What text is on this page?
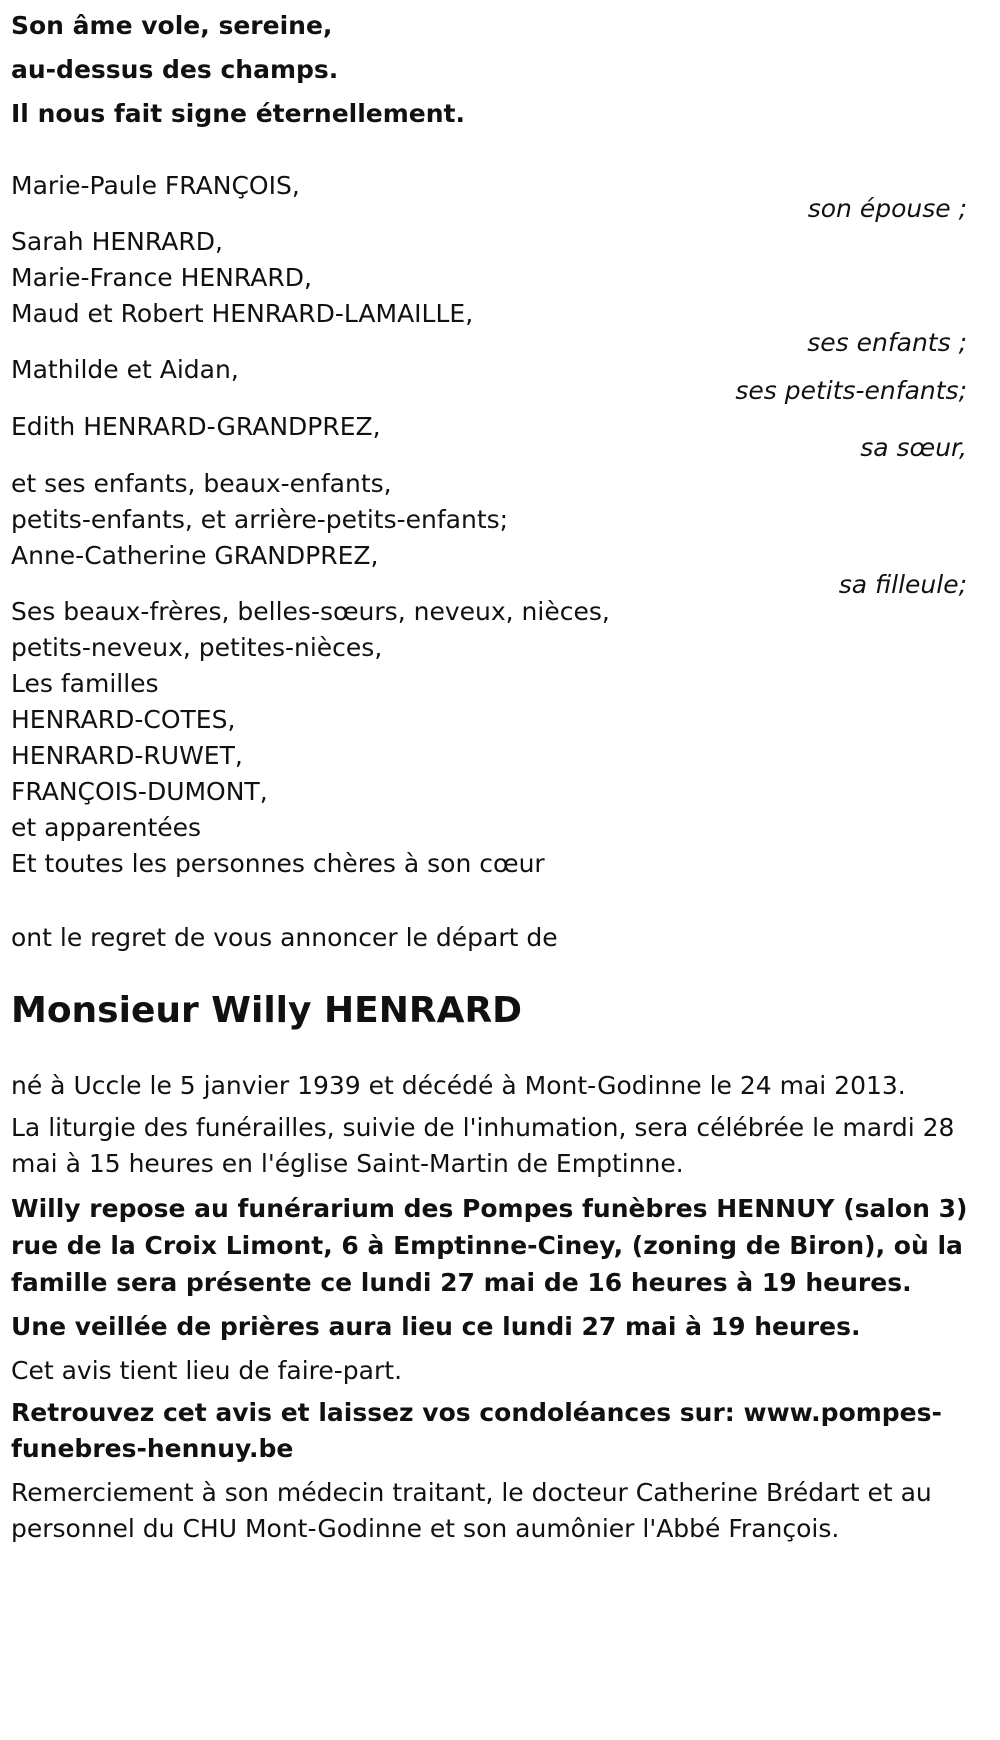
Son âme vole, sereine,
au-dessus des champs.
Il nous fait signe éternellement.
Marie-Paule FRANÇOIS,
son épouse ;
Sarah HENRARD,
Marie-France HENRARD,
Maud et Robert HENRARD-LAMAILLE,
ses enfants ;
Mathilde et Aidan,
ses petits-enfants;
Edith HENRARD-GRANDPREZ,
sa sœur,
et ses enfants, beaux-enfants,
petits-enfants, et arrière-petits-enfants;
Anne-Catherine GRANDPREZ,
sa filleule;
Ses beaux-frères, belles-sœurs, neveux, nièces,
petits-neveux, petites-nièces,
Les familles
HENRARD-COTES,
HENRARD-RUWET,
FRANÇOIS-DUMONT,
et apparentées
Et toutes les personnes chères à son cœur
ont le regret de vous annoncer le départ de
Monsieur Willy HENRARD
né à Uccle le 5 janvier 1939 et décédé à Mont-Godinne le 24 mai 2013.
La liturgie des funérailles, suivie de l'inhumation, sera célébrée le mardi 28 mai à 15 heures en l'église Saint-Martin de Emptinne.
Willy repose au funérarium des Pompes funèbres HENNUY (salon 3) rue de la Croix Limont, 6 à Emptinne-Ciney, (zoning de Biron), où la famille sera présente ce lundi 27 mai de 16 heures à 19 heures.
Une veillée de prières aura lieu ce lundi 27 mai à 19 heures.
Cet avis tient lieu de faire-part.
Retrouvez cet avis et laissez vos condoléances sur: www.pompes-funebres-hennuy.be
Remerciement à son médecin traitant, le docteur Catherine Brédart et au personnel du CHU Mont-Godinne et son aumônier l'Abbé François.
